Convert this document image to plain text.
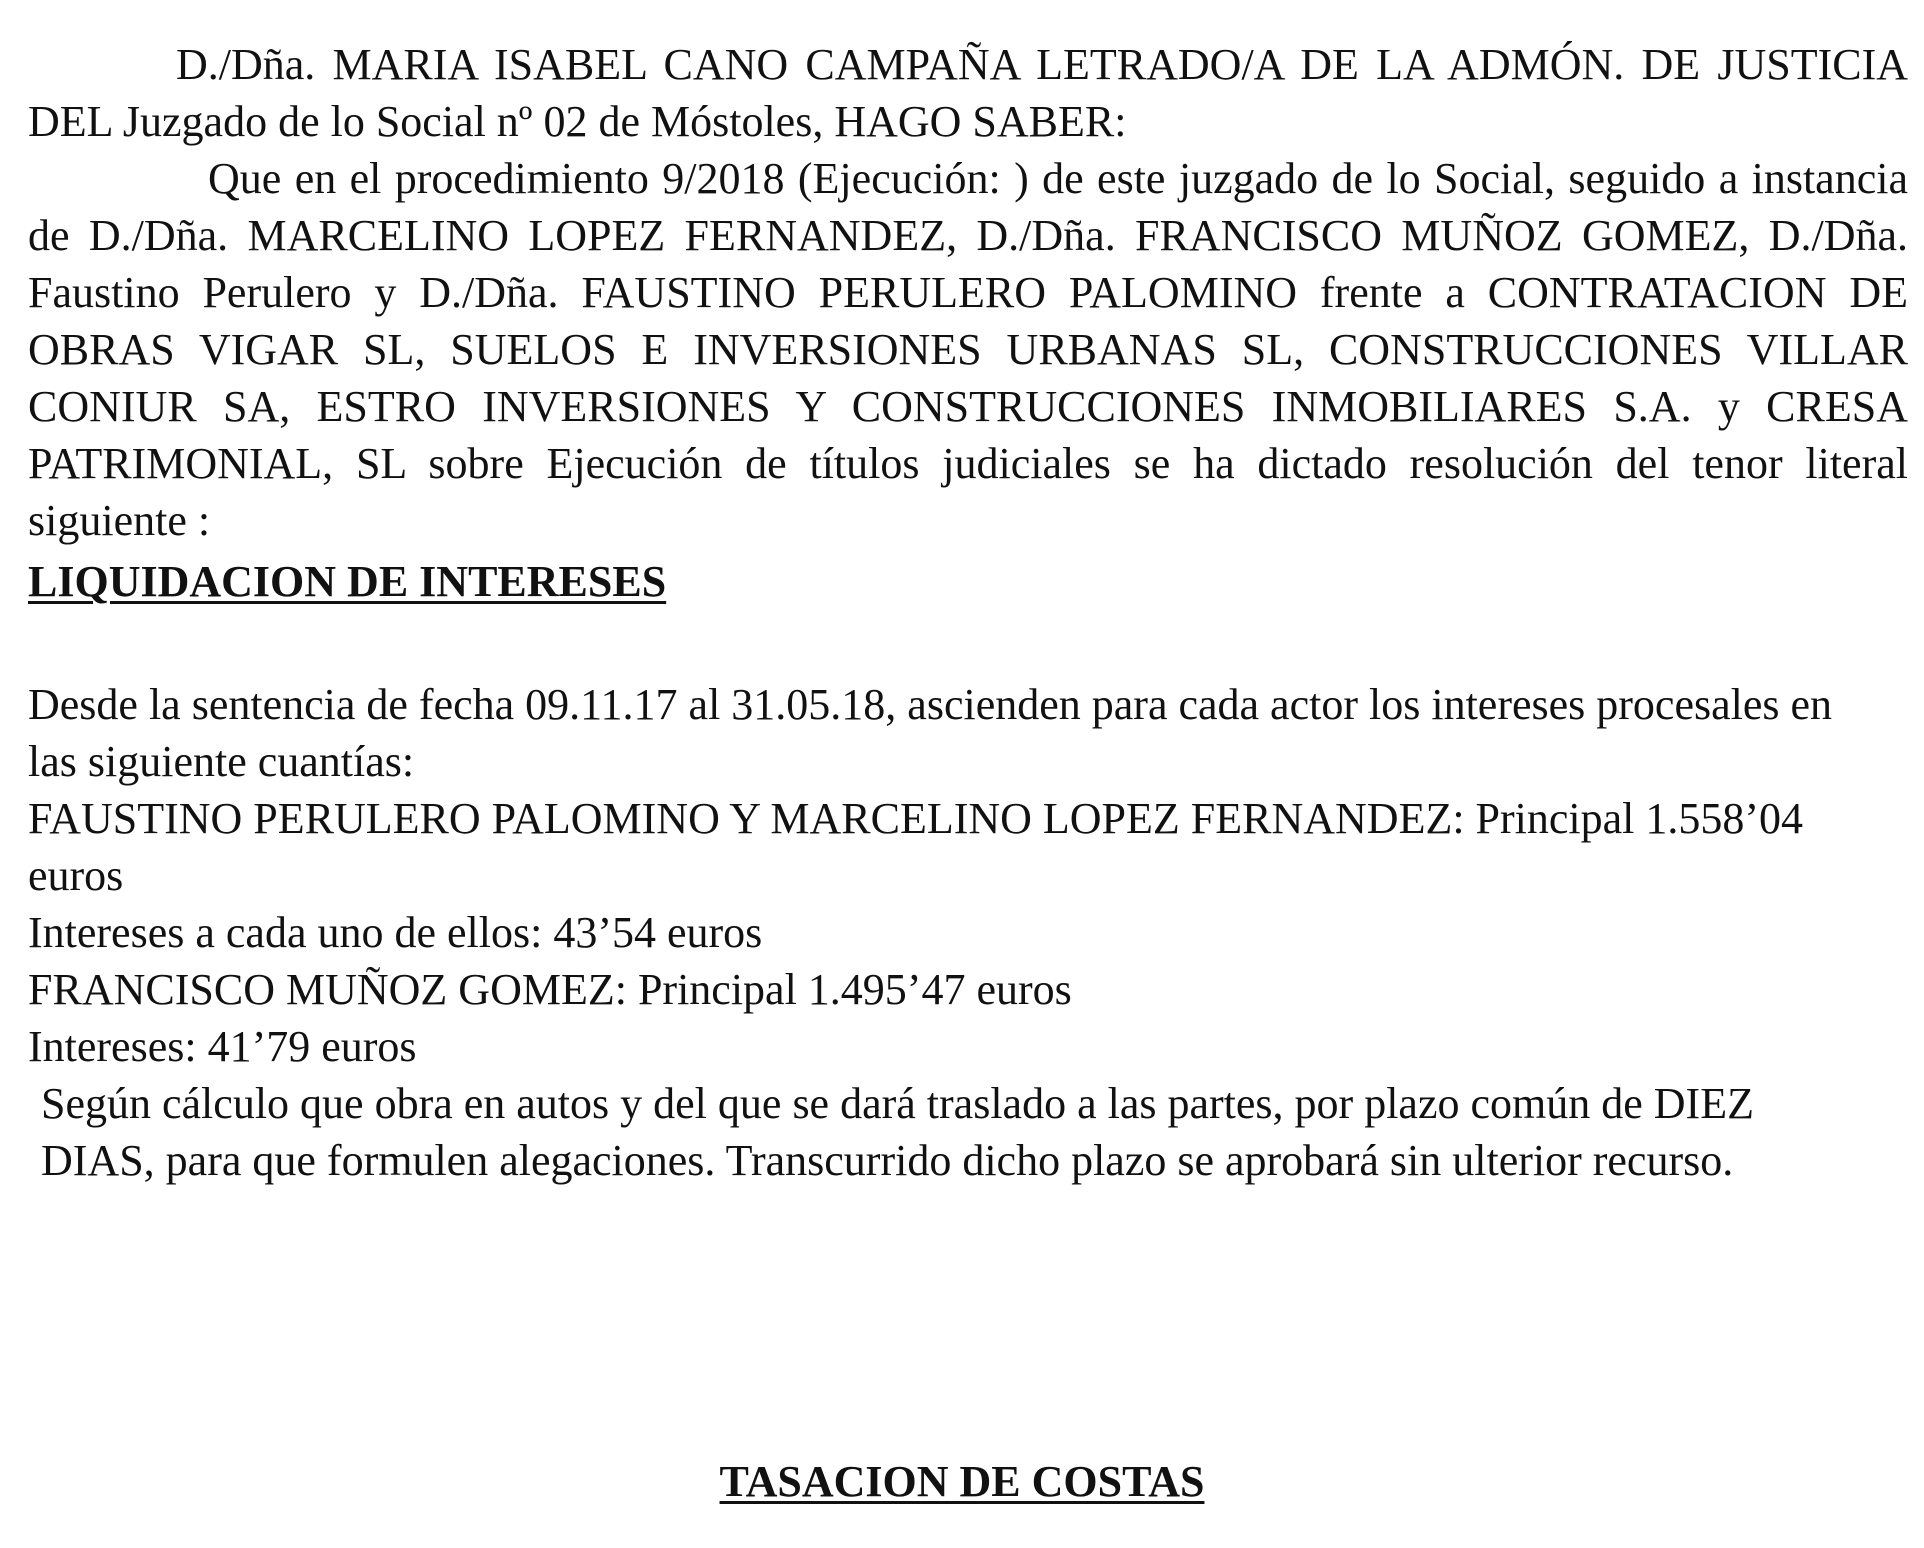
D./Dña. MARIA ISABEL CANO CAMPAÑA LETRADO/A DE LA ADMÓN. DE JUSTICIA DEL Juzgado de lo Social nº 02 de Móstoles, HAGO SABER:

Que en el procedimiento 9/2018 (Ejecución: ) de este juzgado de lo Social, seguido a instancia de D./Dña. MARCELINO LOPEZ FERNANDEZ, D./Dña. FRANCISCO MUÑOZ GOMEZ, D./Dña. Faustino Perulero y D./Dña. FAUSTINO PERULERO PALOMINO frente a CONTRATACION DE OBRAS VIGAR SL, SUELOS E INVERSIONES URBANAS SL, CONSTRUCCIONES VILLAR CONIUR SA, ESTRO INVERSIONES Y CONSTRUCCIONES INMOBILIARES S.A. y CRESA PATRIMONIAL, SL sobre Ejecución de títulos judiciales se ha dictado resolución del tenor literal siguiente :

LIQUIDACION DE INTERESES

Desde la sentencia de fecha 09.11.17 al 31.05.18, ascienden para cada actor los intereses procesales en las siguiente cuantías:

FAUSTINO PERULERO PALOMINO Y MARCELINO LOPEZ FERNANDEZ: Principal 1.558’04 euros

Intereses a cada uno de ellos: 43’54 euros

FRANCISCO MUÑOZ GOMEZ: Principal 1.495’47 euros

Intereses: 41’79 euros

Según cálculo que obra en autos y del que se dará traslado a las partes, por plazo común de DIEZ DIAS, para que formulen alegaciones. Transcurrido dicho plazo se aprobará sin ulterior recurso.

TASACION DE COSTAS
